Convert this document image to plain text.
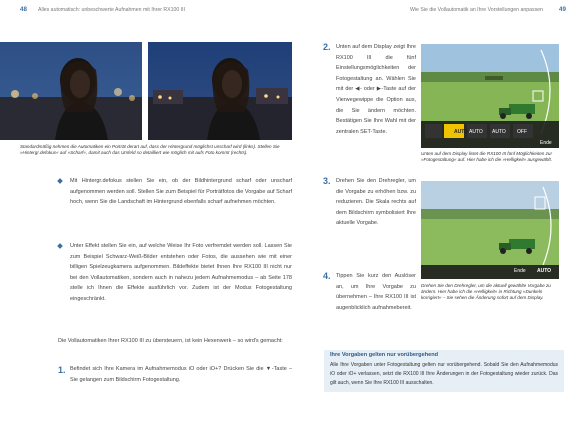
48 Alles automatisch: unbeschwerte Aufnahmen mit Ihrer RX100 III	Wie Sie die Vollautomatik an Ihre Vorstellungen anpassen	49
Standardmäßig nehmen die Automatiken ein Porträt derart auf, dass der Hintergrund möglichst unscharf wird (links). Stellen Sie »Hintergr.defokus« auf »Scharf«, damit auch das Umfeld so detailliert wie möglich mit aufs Foto kommt (rechts).
Mit Hintergr.defokus stellen Sie ein, ob der Bildhintergrund scharf oder unscharf aufgenommen werden soll. Stellen Sie zum Beispiel für Porträtfotos die Vorgabe auf Scharf hoch, wenn Sie die Landschaft im Hintergrund ebenfalls scharf aufnehmen möchten.
Unter Effekt stellen Sie ein, auf welche Weise Ihr Foto verfremdet werden soll. Lassen Sie zum Beispiel Schwarz-Weiß-Bilder entstehen oder Fotos, die aussehen wie mit einer billigen Spielzeugkamera aufgenommen. Bildeffekte bietet Ihnen Ihre RX100 III nicht nur bei den Vollautomatiken, sondern auch in nahezu jedem Aufnahmemodus – ab Seite 178 stelle ich Ihnen die Effekte ausführlich vor. Zudem ist der Modus Fotogestaltung eingeschränkt.
Die Vollautomatiken Ihrer RX100 III zu übersteuern, ist kein Hexenwerk – so wird's gemacht:
1. Befindet sich Ihre Kamera im Aufnahmemodus iO oder iO+? Drücken Sie die ▼-Taste – Sie gelangen zum Bildschirm Fotogestaltung.
2. Unten auf dem Display zeigt Ihre RX100 III die fünf Einstellungsmöglichkeiten der Fotogestaltung an. Wählen Sie mit der ◀- oder ▶-Taste auf der Vierwegewippe die Option aus, die Sie ändern möchten. Bestätigen Sie Ihre Wahl mit der zentralen SET-Taste.	AUTO AUTO AUTO OFF
Ende
Unten auf dem Display listet die RX100 III fünf Möglichkeiten zur »Fotogestaltung« auf. Hier habe ich die »Helligkeit« ausgewählt.
3. Drehen Sie den Drehregler, um die Vorgabe zu erhöhen bzw. zu reduzieren. Die Skala rechts auf dem Bildschirm symbolisiert Ihre aktuelle Vorgabe.
Ende AUTO
Drehen Sie den Drehregler, um die aktuell gewählte Vorgabe zu ändern. Hier habe ich die »Helligkeit« in Richtung »Dunkeln korrigiert« – Sie sehen die Änderung sofort auf dem Display.
4. Tippen Sie kurz den Auslöser an, um Ihre Vorgabe zu übernehmen – Ihre RX100 III ist augenblicklich aufnahmebereit.
Ihre Vorgaben gelten nur vorübergehend
Alle Ihre Vorgaben unter Fotogestaltung gelten nur vorübergehend. Sobald Sie den Aufnahmemodus iO oder iO+ verlassen, setzt die RX100 III Ihre Änderungen in der Fotogestaltung wieder zurück. Das gilt auch, wenn Sie Ihre RX100 III ausschalten.
